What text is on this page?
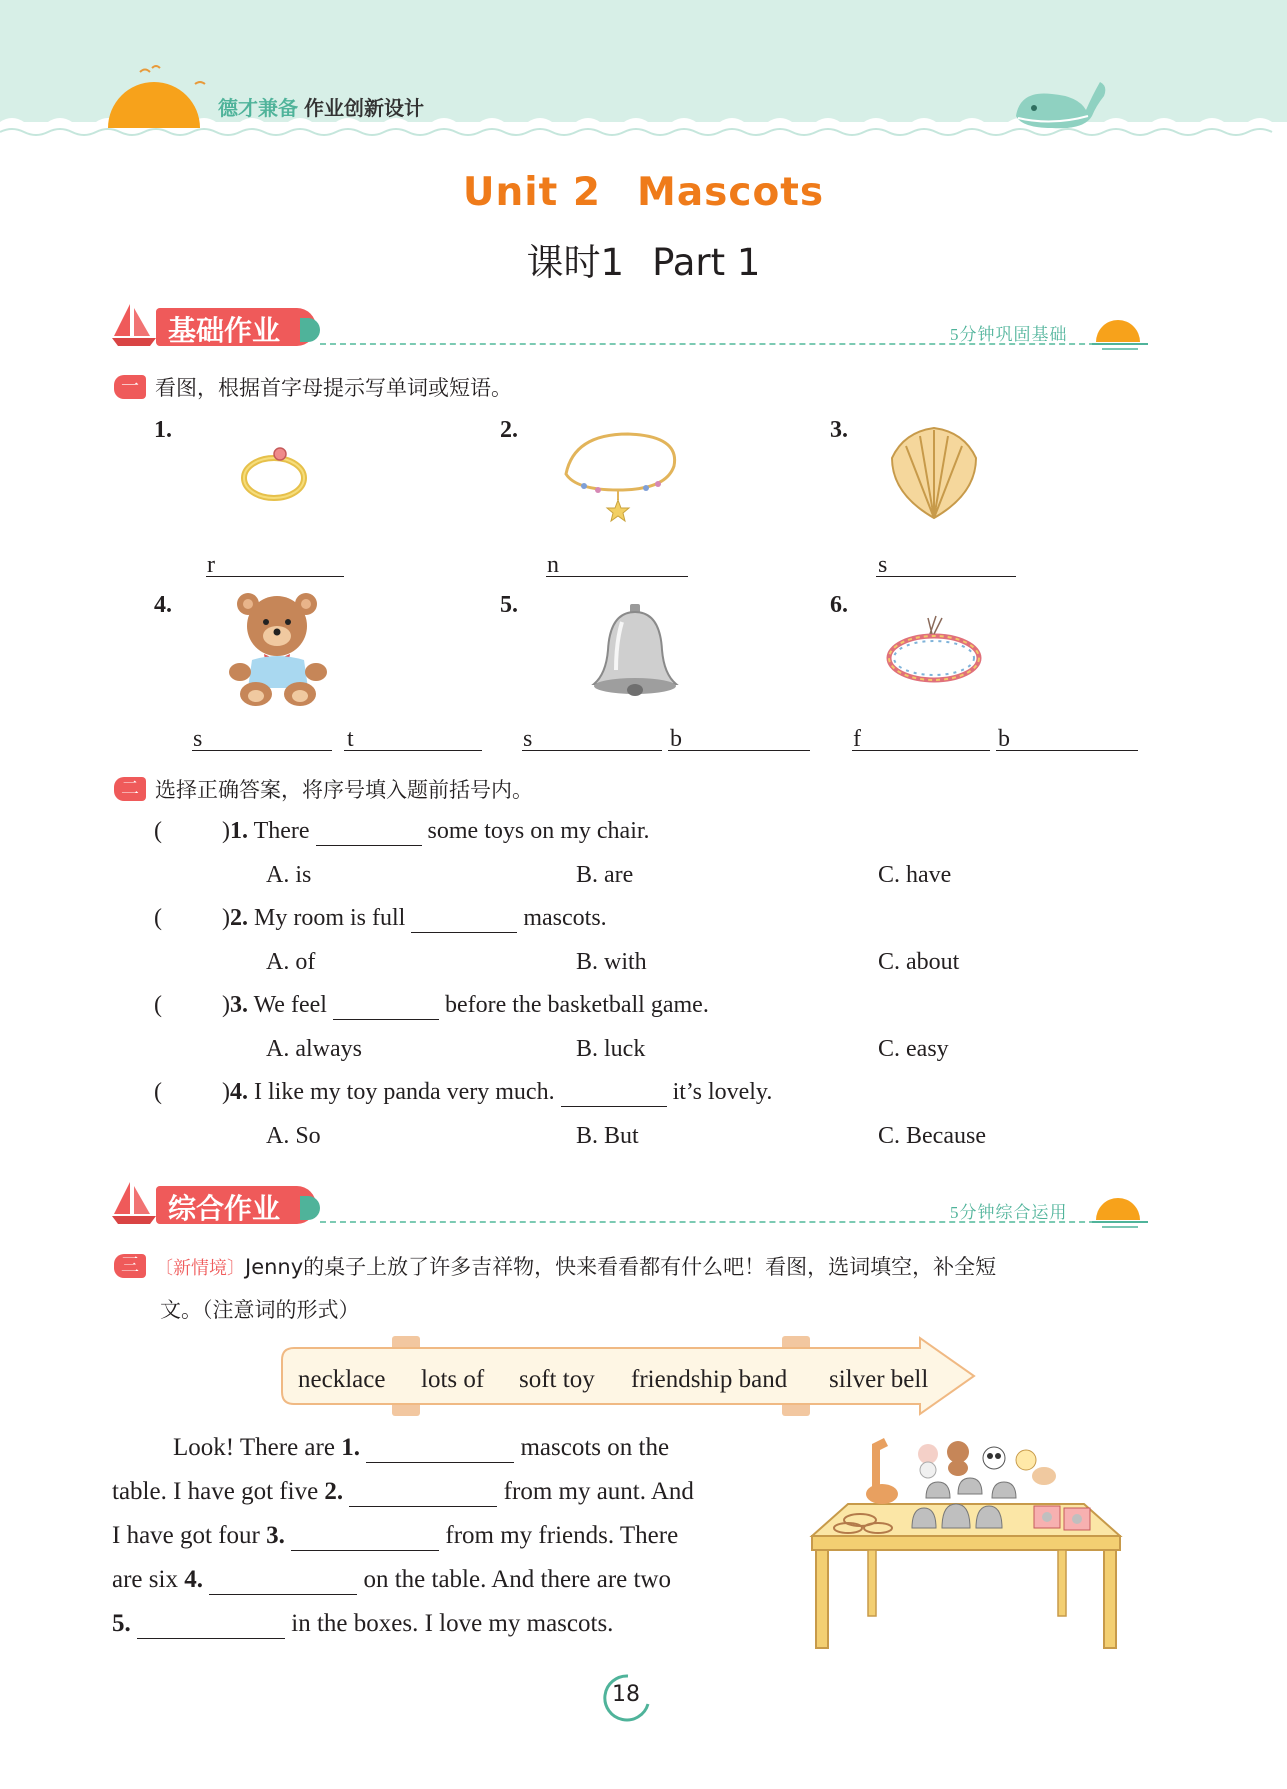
德才兼备 作业创新设计
Unit 2 Mascots
课时1 Part 1
基础作业	5分钟巩固基础
一 看图，根据首字母提示写单词或短语。
1.	2.	3.
4.	5.	6.
r	n	s
s	t	s	b	f	b
二 选择正确答案，将序号填入题前括号内。
(	)1. There	some toys on my chair.
A. is	B. are	C. have
(	)2. My room is full	mascots.
A. of	B. with	C. about
(	)3. We feel	before the basketball game.
A. always	B. luck	C. easy
(	)4. I like my toy panda very much.	it’s lovely.
A. So	B. But	C. Because
综合作业	5分钟综合运用
三 〔新情境〕Jenny的桌子上放了许多吉祥物，快来看看都有什么吧！看图，选词填空，补全短
文。（注意词的形式）
necklace lots of soft toy friendship band silver bell
Look! There are 1.	mascots on the
table. I have got five 2.	from my aunt. And
I have got four 3.	from my friends. There
are six 4.	on the table. And there are two
5.	in the boxes. I love my mascots.
18
